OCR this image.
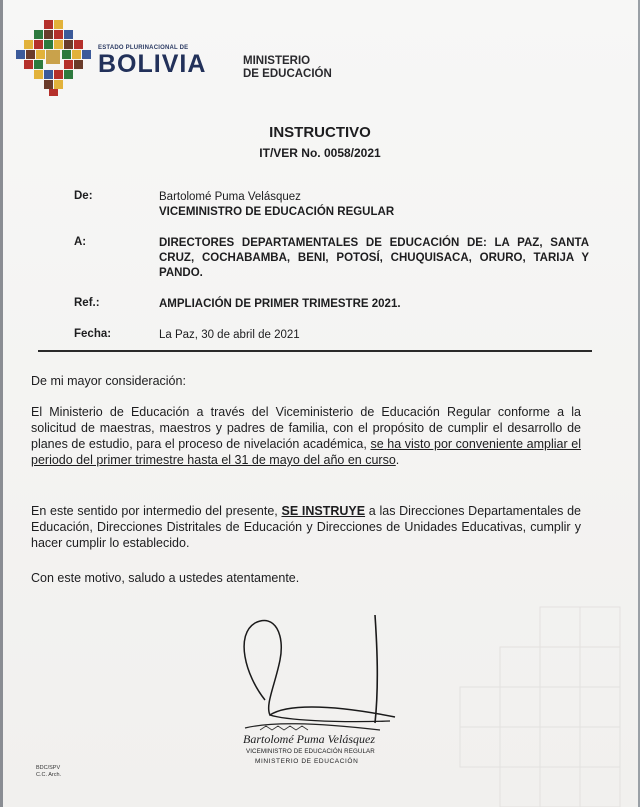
ESTADO PLURINACIONAL DE
BOLIVIA	MINISTERIO
DE EDUCACIÓN
INSTRUCTIVO
IT/VER No. 0058/2021
De:	Bartolomé Puma Velásquez
VICEMINISTRO DE EDUCACIÓN REGULAR
A:	DIRECTORES DEPARTAMENTALES DE EDUCACIÓN DE: LA PAZ, SANTA CRUZ, COCHABAMBA, BENI, POTOSÍ, CHUQUISACA, ORURO, TARIJA Y PANDO.
Ref.:	AMPLIACIÓN DE PRIMER TRIMESTRE 2021.
Fecha:	La Paz, 30 de abril de 2021
De mi mayor consideración:
El Ministerio de Educación a través del Viceministerio de Educación Regular conforme a la solicitud de maestras, maestros y padres de familia, con el propósito de cumplir el desarrollo de planes de estudio, para el proceso de nivelación académica, se ha visto por conveniente ampliar el periodo del primer trimestre hasta el 31 de mayo del año en curso.
En este sentido por intermedio del presente, SE INSTRUYE a las Direcciones Departamentales de Educación, Direcciones Distritales de Educación y Direcciones de Unidades Educativas, cumplir y hacer cumplir lo establecido.
Con este motivo, saludo a ustedes atentamente.
Bartolomé Puma Velásquez
VICEMINISTRO DE EDUCACIÓN REGULAR
MINISTERIO DE EDUCACIÓN
BDC/SPV
C.C. Arch.
